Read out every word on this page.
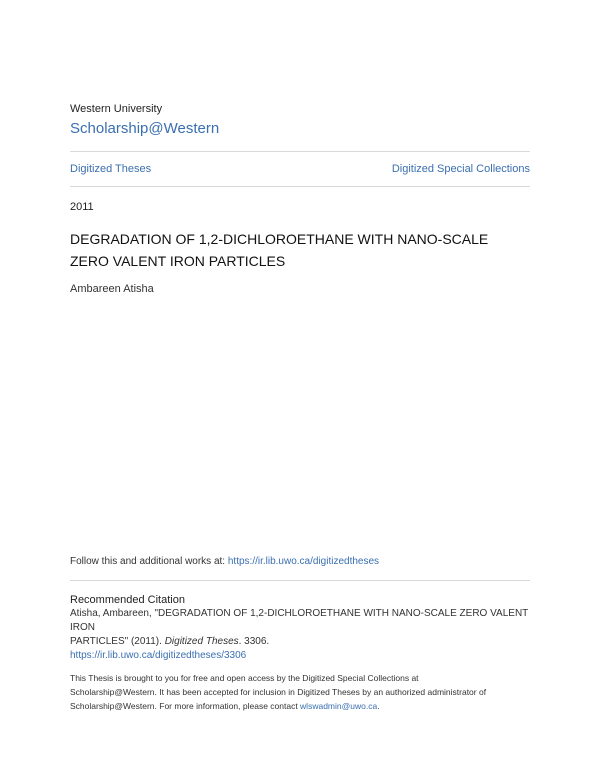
Western University
Scholarship@Western
Digitized Theses	Digitized Special Collections
2011
DEGRADATION OF 1,2-DICHLOROETHANE WITH NANO-SCALE
ZERO VALENT IRON PARTICLES
Ambareen Atisha
Follow this and additional works at: https://ir.lib.uwo.ca/digitizedtheses
Recommended Citation
Atisha, Ambareen, "DEGRADATION OF 1,2-DICHLOROETHANE WITH NANO-SCALE ZERO VALENT IRON
PARTICLES" (2011). Digitized Theses. 3306.
https://ir.lib.uwo.ca/digitizedtheses/3306
This Thesis is brought to you for free and open access by the Digitized Special Collections at
Scholarship@Western. It has been accepted for inclusion in Digitized Theses by an authorized administrator of
Scholarship@Western. For more information, please contact wlswadmin@uwo.ca.
